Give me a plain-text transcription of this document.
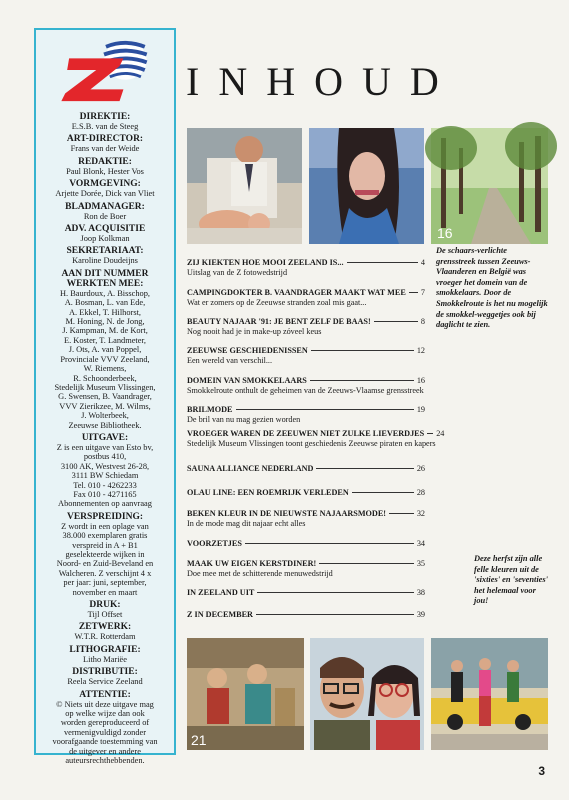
DIREKTIE:
E.S.B. van de Steeg
ART-DIRECTOR:
Frans van der Weide
REDAKTIE:
Paul Blonk, Hester Vos
VORMGEVING:
Arjette Dorée, Dick van Vliet
BLADMANAGER:
Ron de Boer
ADV. ACQUISITIE
Joop Kolkman
SEKRETARIAAT:
Karoline Doudeijns
AAN DIT NUMMER WERKTEN MEE:
H. Baurdoux, A. Bisschop,
A. Bosman, L. van Ede,
A. Ekkel, T. Hilhorst,
M. Honing, N. de Jong,
J. Kampman, M. de Kort,
E. Koster, T. Landmeter,
J. Ots, A. van Poppel,
Provinciale VVV Zeeland,
W. Riemens,
R. Schoonderbeek,
Stedelijk Museum Vlissingen,
G. Swensen, B. Vaandrager,
VVV Zierikzee, M. Wilms,
J. Wolterbeek,
Zeeuwse Bibliotheek.
UITGAVE:
Z is een uitgave van Esto bv,
postbus 410,
3100 AK, Westvest 26-28,
3111 BW Schiedam
Tel. 010 - 4262233
Fax 010 - 4271165
Abonnementen op aanvraag
VERSPREIDING:
Z wordt in een oplage van
38.000 exemplaren gratis
verspreid in A + B1
geselekteerde wijken in
Noord- en Zuid-Beveland en
Walcheren. Z verschijnt 4 x
per jaar: juni, september,
november en maart
DRUK:
Tijl Offset
ZETWERK:
W.T.R. Rotterdam
LITHOGRAFIE:
Litho Mariëe
DISTRIBUTIE:
Reela Service Zeeland
ATTENTIE:
© Niets uit deze uitgave mag
op welke wijze dan ook
worden gereproduceerd of
vermenigvuldigd zonder
voorafgaande toestemming van
de uitgever en andere
auteursrechthebbenden.
INHOUD
16
ZIJ KIEKTEN HOE MOOI ZEELAND IS...	4
Uitslag van de Z fotowedstrijd
CAMPINGDOKTER B. VAANDRAGER MAAKT WAT MEE 7
Wat er zomers op de Zeeuwse stranden zoal mis gaat...
BEAUTY NAJAAR '91: JE BENT ZELF DE BAAS!	8
Nog nooit had je in make-up zóveel keus
ZEEUWSE GESCHIEDENISSEN	12
Een wereld van verschil...
DOMEIN VAN SMOKKELAARS	16
Smokkelroute onthult de geheimen van de Zeeuws-Vlaamse grensstreek
BRILMODE	19
De bril van nu mag gezien worden
VROEGER WAREN DE ZEEUWEN NIET ZULKE LIEVERDJES 24
Stedelijk Museum Vlissingen toont geschiedenis Zeeuwse piraten en kapers
SAUNA ALLIANCE NEDERLAND	26
OLAU LINE: EEN ROEMRIJK VERLEDEN	28
BEKEN KLEUR IN DE NIEUWSTE NAJAARSMODE!	32
In de mode mag dit najaar echt alles
VOORZETJES	34
MAAK UW EIGEN KERSTDINER!	35
Doe mee met de schitterende menuwedstrijd
IN ZEELAND UIT	38
Z IN DECEMBER	39
De schaars-verlichte grensstreek tussen Zeeuws-Vlaanderen en België was vroeger het domein van de smokkelaars. Door de Smokkelroute is het nu mogelijk de smokkel-weggetjes ook bij daglicht te zien.
Deze herfst zijn alle felle kleuren uit de 'sixties' en 'seventies' het helemaal voor jou!
21
3
